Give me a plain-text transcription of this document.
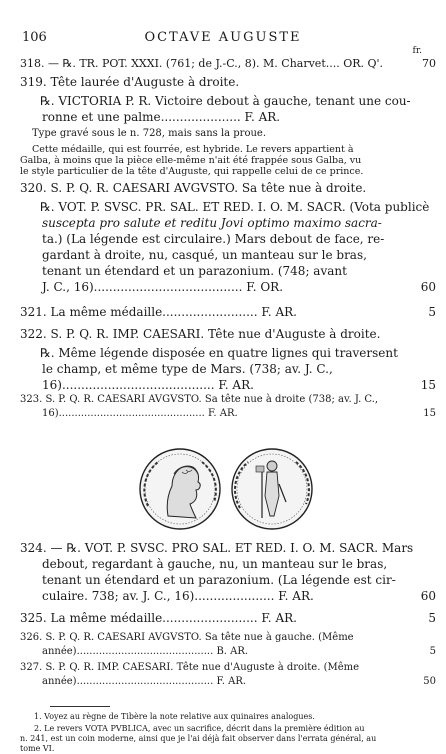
106	OCTAVE AUGUSTE
fr.
318. — ℞. TR. POT. XXXI. (761; de J.-C., 8). M. Charvet.... OR. Q'.	70
319. Tête laurée d'Auguste à droite.
℞. VICTORIA P. R. Victoire debout à gauche, tenant une cou-
ronne et une palme..................... F. AR.
Type gravé sous le n. 728, mais sans la proue.
Cette médaille, qui est fourrée, est hybride. Le revers appartient à
Galba, à moins que la pièce elle-même n'ait été frappée sous Galba, vu
le style particulier de la tête d'Auguste, qui rappelle celui de ce prince.
320. S. P. Q. R. CAESARI AVGVSTO. Sa tête nue à droite.
℞. VOT. P. SVSC. PR. SAL. ET RED. I. O. M. SACR. (Vota publicè
suscepta pro salute et reditu Jovi optimo maximo sacra-
ta.) (La légende est circulaire.) Mars debout de face, re-
gardant à droite, nu, casqué, un manteau sur le bras,
tenant un étendard et un parazonium. (748; avant
J. C., 16)....................................... F. OR.	60
321. La même médaille......................... F. AR.	5
322. S. P. Q. R. IMP. CAESARI. Tête nue d'Auguste à droite.
℞. Même légende disposée en quatre lignes qui traversent
le champ, et même type de Mars. (738; av. J. C.,
16)........................................ F. AR.	15
323. S. P. Q. R. CAESARI AVGVSTO. Sa tête nue à droite (738; av. J. C.,
16).............................................. F. AR.	15
324. — ℞. VOT. P. SVSC. PRO SAL. ET RED. I. O. M. SACR. Mars
debout, regardant à gauche, nu, un manteau sur le bras,
tenant un étendard et un parazonium. (La légende est cir-
culaire. 738; av. J. C., 16)..................... F. AR.	60
325. La même médaille......................... F. AR.	5
326. S. P. Q. R. CAESARI AVGVSTO. Sa tête nue à gauche. (Même
année)........................................... B. AR.	5
327. S. P. Q. R. IMP. CAESARI. Tête nue d'Auguste à droite. (Même
année)........................................... F. AR.	50
1. Voyez au règne de Tibère la note relative aux quinaires analogues.
2. Le revers VOTA PVBLICA, avec un sacrifice, décrit dans la première édition au
n. 241, est un coin moderne, ainsi que je l'ai déjà fait observer dans l'errata général, au
tome VI.
